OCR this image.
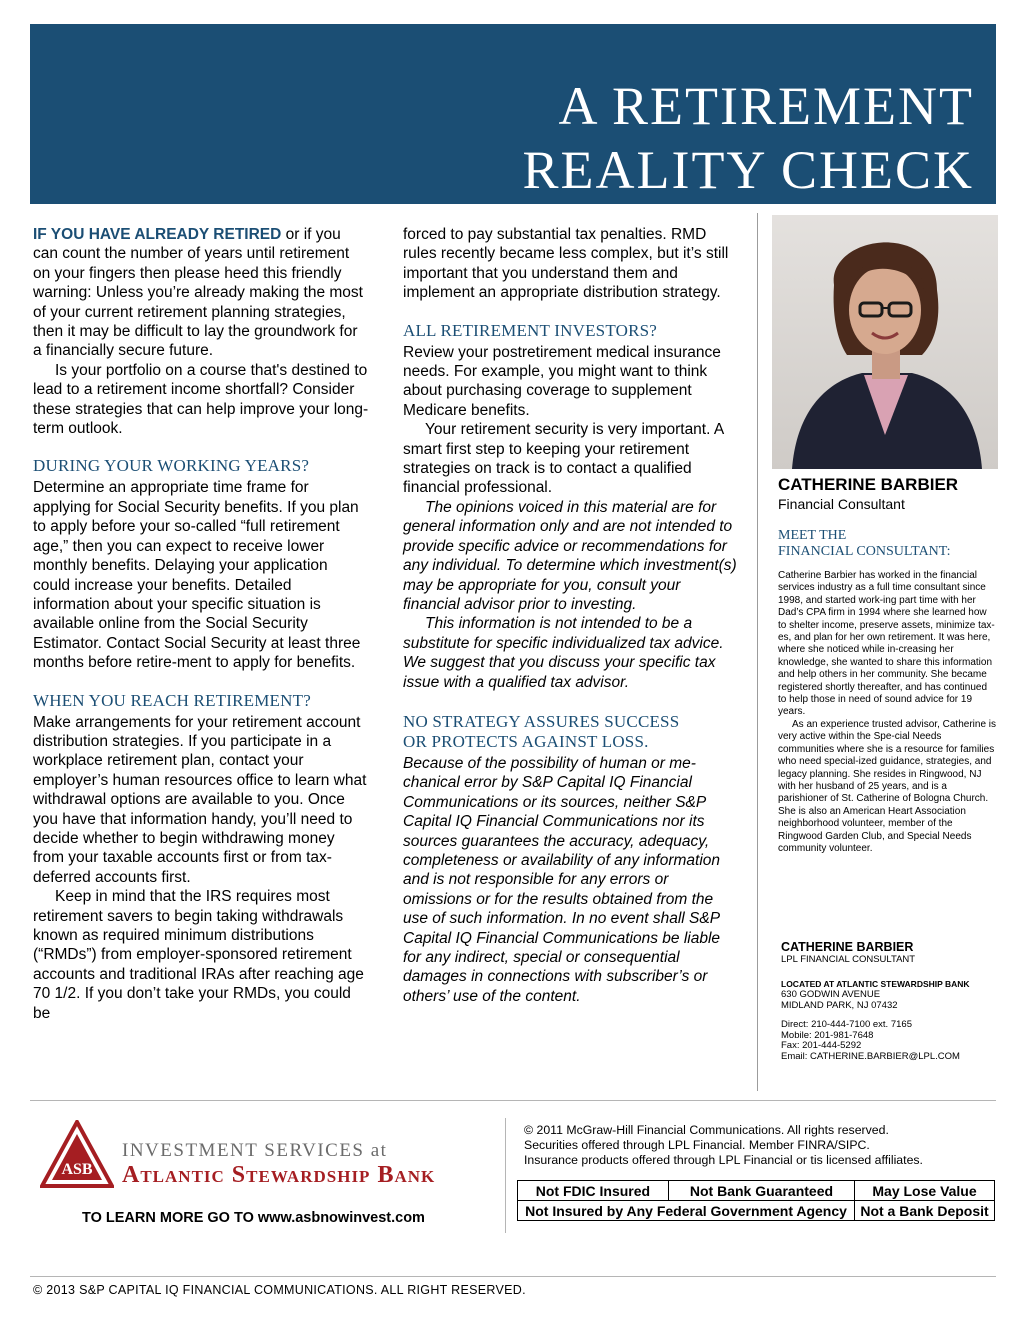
A RETIREMENT
REALITY CHECK

IF YOU HAVE ALREADY RETIRED or if you can count the number of years until retirement on your fingers then please heed this friendly warning: Unless you’re already making the most of your current retirement planning strategies, then it may be difficult to lay the groundwork for a financially secure future.

Is your portfolio on a course that's destined to lead to a retirement income shortfall? Consider these strategies that can help improve your long-term outlook.

DURING YOUR WORKING YEARS?

Determine an appropriate time frame for applying for Social Security benefits. If you plan to apply before your so-called “full retirement age,” then you can expect to receive lower monthly benefits. Delaying your application could increase your benefits. Detailed information about your specific situation is available online from the Social Security Estimator. Contact Social Security at least three months before retire-ment to apply for benefits.

WHEN YOU REACH RETIREMENT?

Make arrangements for your retirement account distribution strategies. If you participate in a workplace retirement plan, contact your employer’s human resources office to learn what withdrawal options are available to you. Once you have that information handy, you’ll need to decide whether to begin withdrawing money from your taxable accounts first or from tax-deferred accounts first.

Keep in mind that the IRS requires most retirement savers to begin taking withdrawals known as required minimum distributions (“RMDs”) from employer-sponsored retirement accounts and traditional IRAs after reaching age 70 1/2. If you don’t take your RMDs, you could be

forced to pay substantial tax penalties. RMD rules recently became less complex, but it’s still important that you understand them and implement an appropriate distribution strategy.

ALL RETIREMENT INVESTORS?

Review your postretirement medical insurance needs. For example, you might want to think about purchasing coverage to supplement Medicare benefits.

Your retirement security is very important. A smart first step to keeping your retirement strategies on track is to contact a qualified financial professional.

The opinions voiced in this material are for general information only and are not intended to provide specific advice or recommendations for any individual. To determine which investment(s) may be appropriate for you, consult your financial advisor prior to investing.

This information is not intended to be a substitute for specific individualized tax advice. We suggest that you discuss your specific tax issue with a qualified tax advisor.

NO STRATEGY ASSURES SUCCESS
OR PROTECTS AGAINST LOSS.

Because of the possibility of human or me-chanical error by S&P Capital IQ Financial Communications or its sources, neither S&P Capital IQ Financial Communications nor its sources guarantees the accuracy, adequacy, completeness or availability of any information and is not responsible for any errors or omissions or for the results obtained from the use of such information. In no event shall S&P Capital IQ Financial Communications be liable for any indirect, special or consequential damages in connections with subscriber’s or others’ use of the content.

CATHERINE BARBIER

Financial Consultant

MEET THE
FINANCIAL CONSULTANT:

Catherine Barbier has worked in the financial services industry as a full time consultant since 1998, and started work-ing part time with her Dad’s CPA firm in 1994 where she learned how to shelter income, preserve assets, minimize tax-es, and plan for her own retirement. It was here, where she noticed while in-creasing her knowledge, she wanted to share this information and help others in her community. She became registered shortly thereafter, and has continued to help those in need of sound advice for 19 years.

As an experience trusted advisor, Catherine is very active within the Spe-cial Needs communities where she is a resource for families who need special-ized guidance, strategies, and legacy planning. She resides in Ringwood, NJ with her husband of 25 years, and is a parishioner of St. Catherine of Bologna Church. She is also an American Heart Association neighborhood volunteer, member of the Ringwood Garden Club, and Special Needs community volunteer.

CATHERINE BARBIER

LPL FINANCIAL CONSULTANT

LOCATED AT ATLANTIC STEWARDSHIP BANK

630 GODWIN AVENUE

MIDLAND PARK, NJ 07432

Direct: 210-444-7100 ext. 7165

Mobile: 201-981-7648

Fax: 201-444-5292

Email: CATHERINE.BARBIER@LPL.COM

ASB
INVESTMENT SERVICES at
Atlantic Stewardship Bank
TO LEARN MORE GO TO www.asbnowinvest.com

© 2011 McGraw-Hill Financial Communications. All rights reserved.

Securities offered through LPL Financial. Member FINRA/SIPC.

Insurance products offered through LPL Financial or tis licensed affiliates.

Not FDIC Insured	Not Bank Guaranteed	May Lose Value
Not Insured by Any Federal Government Agency		Not a Bank Deposit
© 2013 S&P CAPITAL IQ FINANCIAL COMMUNICATIONS. ALL RIGHT RESERVED.
